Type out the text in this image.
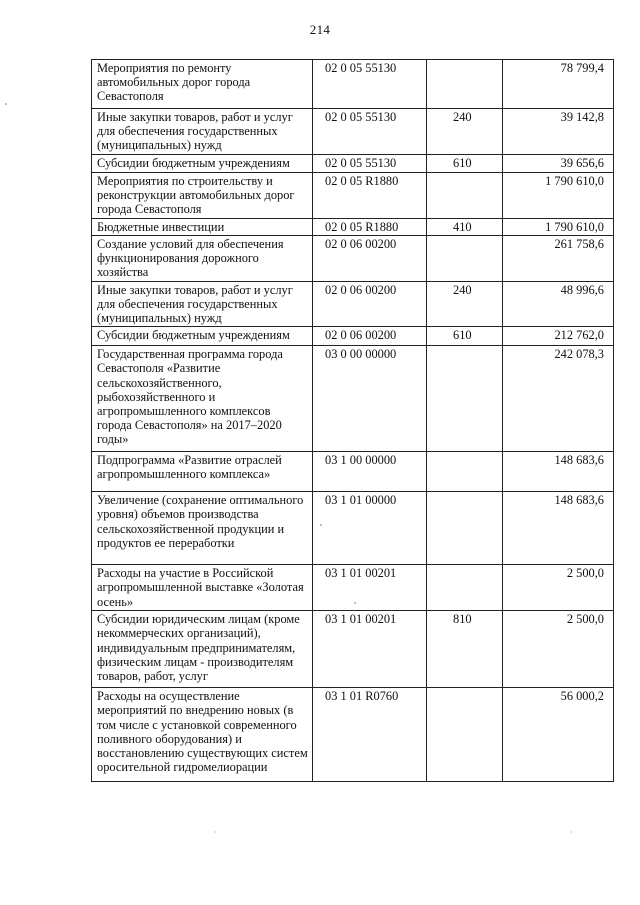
214
Мероприятия по ремонту автомобильных дорог города Севастополя	02 0 05 55130		78 799,4
Иные закупки товаров, работ и услуг для обеспечения государственных (муниципальных) нужд	02 0 05 55130	240	39 142,8
Субсидии бюджетным учреждениям	02 0 05 55130	610	39 656,6
Мероприятия по строительству и реконструкции автомобильных дорог города Севастополя	02 0 05 R1880		1 790 610,0
Бюджетные инвестиции	02 0 05 R1880	410	1 790 610,0
Создание условий для обеспечения функционирования дорожного хозяйства	02 0 06 00200		261 758,6
Иные закупки товаров, работ и услуг для обеспечения государственных (муниципальных) нужд	02 0 06 00200	240	48 996,6
Субсидии бюджетным учреждениям	02 0 06 00200	610	212 762,0
Государственная программа города Севастополя «Развитие сельскохозяйственного, рыбохозяйственного и агропромышленного комплексов города Севастополя» на 2017–2020 годы»	03 0 00 00000		242 078,3
Подпрограмма «Развитие отраслей агропромышленного комплекса»	03 1 00 00000		148 683,6
Увеличение (сохранение оптимального уровня) объемов производства сельскохозяйственной продукции и продуктов ее переработки	03 1 01 00000		148 683,6
Расходы на участие в Российской агропромышленной выставке «Золотая осень»	03 1 01 00201		2 500,0
Субсидии юридическим лицам (кроме некоммерческих организаций), индивидуальным предпринимателям, физическим лицам - производителям товаров, работ, услуг	03 1 01 00201	810	2 500,0
Расходы на осуществление мероприятий по внедрению новых (в том числе с установкой современного поливного оборудования) и восстановлению существующих систем оросительной гидромелиорации	03 1 01 R0760		56 000,2
